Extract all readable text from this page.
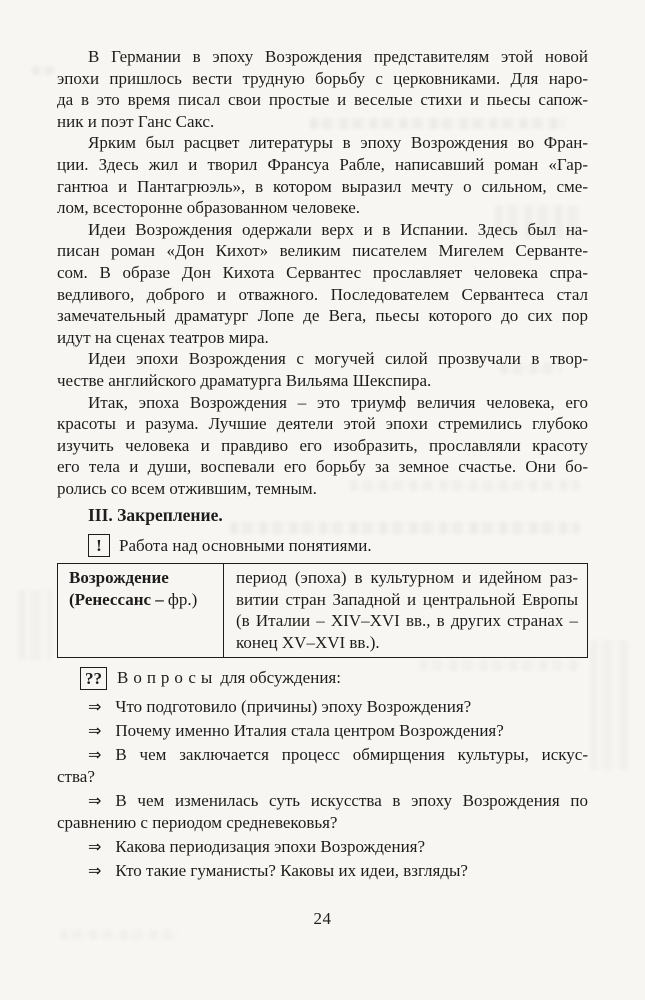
В Германии в эпоху Возрождения представителям этой новой
эпохи пришлось вести трудную борьбу с церковниками. Для наро-
да в это время писал свои простые и веселые стихи и пьесы сапож-
ник и поэт Ганс Сакс.
Ярким был расцвет литературы в эпоху Возрождения во Фран-
ции. Здесь жил и творил Франсуа Рабле, написавший роман «Гар-
гантюа и Пантагрюэль», в котором выразил мечту о сильном, сме-
лом, всесторонне образованном человеке.
Идеи Возрождения одержали верх и в Испании. Здесь был на-
писан роман «Дон Кихот» великим писателем Мигелем Серванте-
сом. В образе Дон Кихота Сервантес прославляет человека спра-
ведливого, доброго и отважного. Последователем Сервантеса стал
замечательный драматург Лопе де Вега, пьесы которого до сих пор
идут на сценах театров мира.
Идеи эпохи Возрождения с могучей силой прозвучали в твор-
честве английского драматурга Вильяма Шекспира.
Итак, эпоха Возрождения – это триумф величия человека, его
красоты и разума. Лучшие деятели этой эпохи стремились глубоко
изучить человека и правдиво его изобразить, прославляли красоту
его тела и души, воспевали его борьбу за земное счастье. Они бо-
ролись со всем отжившим, темным.
III. Закрепление.
!	Работа над основными понятиями.
Возрождение
(Ренессанс – фр.)
период (эпоха) в культурном и идейном раз-
витии стран Западной и центральной Европы
(в Италии – XIV–XVI вв., в других странах –
конец XV–XVI вв.).
?? Вопросы для обсуждения:
⇒ Что подготовило (причины) эпоху Возрождения?
⇒ Почему именно Италия стала центром Возрождения?
⇒ В чем заключается процесс обмирщения культуры, искус-
ства?
⇒ В чем изменилась суть искусства в эпоху Возрождения по
сравнению с периодом средневековья?
⇒ Какова периодизация эпохи Возрождения?
⇒ Кто такие гуманисты? Каковы их идеи, взгляды?
24
